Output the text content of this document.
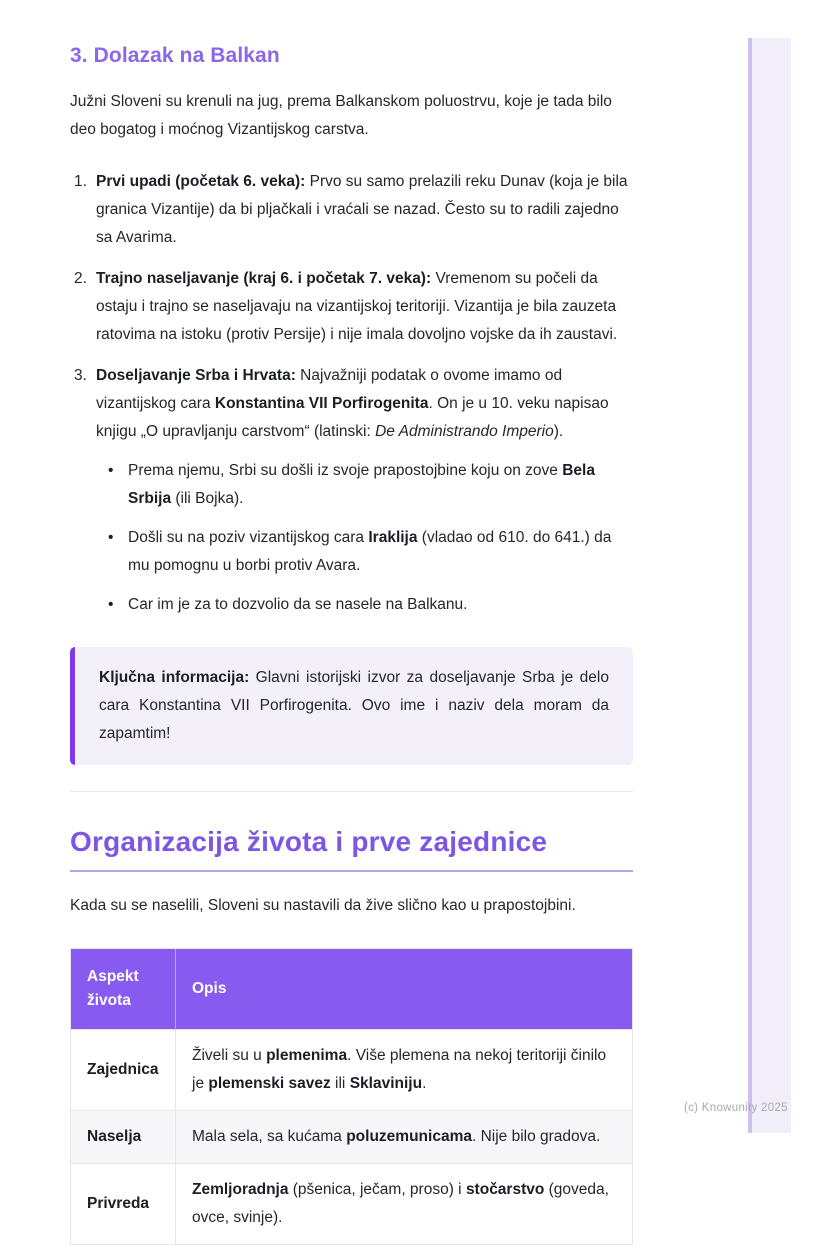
(c) Knowunity 2025
3. Dolazak na Balkan

Južni Sloveni su krenuli na jug, prema Balkanskom poluostrvu, koje je tada bilo deo bogatog i moćnog Vizantijskog carstva.

Prvi upadi (početak 6. veka): Prvo su samo prelazili reku Dunav (koja je bila granica Vizantije) da bi pljačkali i vraćali se nazad. Često su to radili zajedno sa Avarima.
Trajno naseljavanje (kraj 6. i početak 7. veka): Vremenom su počeli da ostaju i trajno se naseljavaju na vizantijskoj teritoriji. Vizantija je bila zauzeta ratovima na istoku (protiv Persije) i nije imala dovoljno vojske da ih zaustavi.
Doseljavanje Srba i Hrvata: Najvažniji podatak o ovome imamo od vizantijskog cara Konstantina VII Porfirogenita. On je u 10. veku napisao knjigu „O upravljanju carstvom“ (latinski: De Administrando Imperio).
• Prema njemu, Srbi su došli iz svoje prapostojbine koju on zove Bela Srbija (ili Bojka).
• Došli su na poziv vizantijskog cara Iraklija (vladao od 610. do 641.) da mu pomognu u borbi protiv Avara.
• Car im je za to dozvolio da se nasele na Balkanu.
Ključna informacija: Glavni istorijski izvor za doseljavanje Srba je delo cara Konstantina VII Porfirogenita. Ovo ime i naziv dela moram da zapamtim!
Organizacija života i prve zajednice

Kada su se naselili, Sloveni su nastavili da žive slično kao u prapostojbini.

Aspekt života	Opis
Zajednica	Živeli su u plemenima. Više plemena na nekoj teritoriji činilo je plemenski savez ili Sklaviniju.
Naselja	Mala sela, sa kućama poluzemunicama. Nije bilo gradova.
Privreda	Zemljoradnja (pšenica, ječam, proso) i stočarstvo (goveda, ovce, svinje).
